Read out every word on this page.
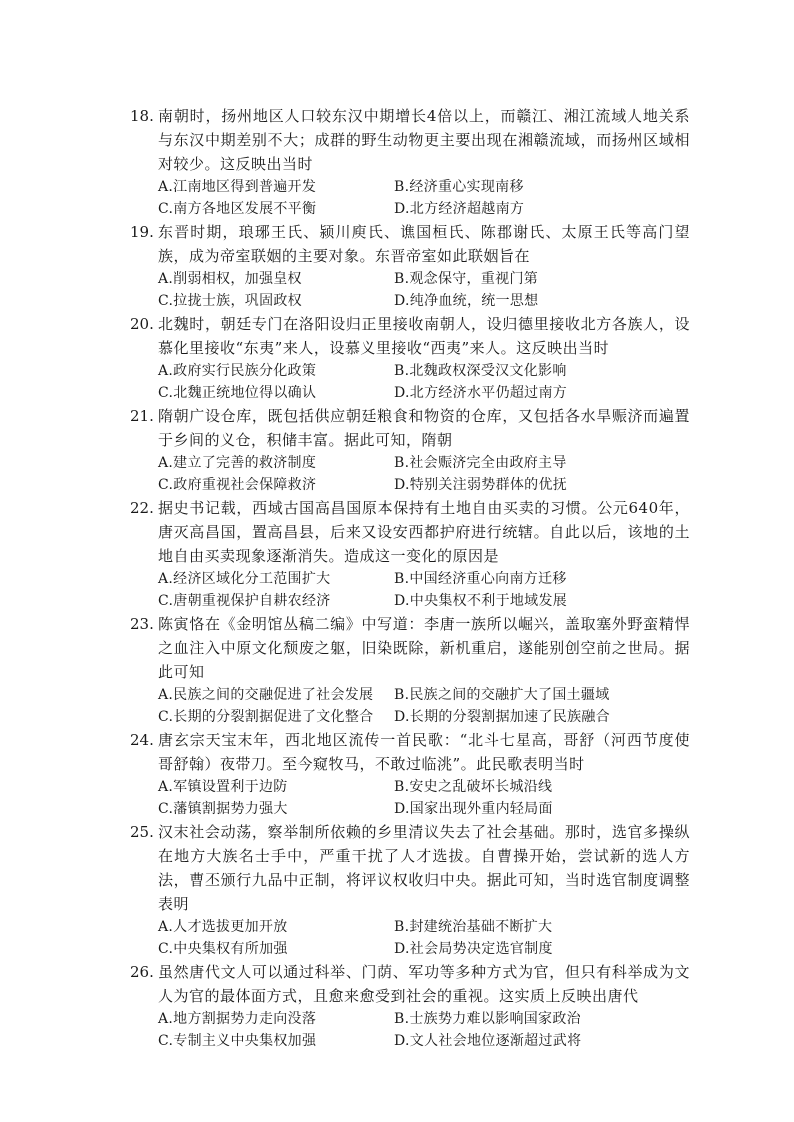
18. 南朝时，扬州地区人口较东汉中期增长4倍以上，而赣江、湘江流域人地关系与东汉中期差别不大；成群的野生动物更主要出现在湘赣流域，而扬州区域相对较少。这反映出当时
A.江南地区得到普遍开发	B.经济重心实现南移
C.南方各地区发展不平衡	D.北方经济超越南方
19. 东晋时期，琅琊王氏、颍川庾氏、谯国桓氏、陈郡谢氏、太原王氏等高门望族，成为帝室联姻的主要对象。东晋帝室如此联姻旨在
A.削弱相权，加强皇权	B.观念保守，重视门第
C.拉拢士族，巩固政权	D.纯净血统，统一思想
20. 北魏时，朝廷专门在洛阳设归正里接收南朝人，设归德里接收北方各族人，设慕化里接收“东夷”来人，设慕义里接收“西夷”来人。这反映出当时
A.政府实行民族分化政策	B.北魏政权深受汉文化影响
C.北魏正统地位得以确认	D.北方经济水平仍超过南方
21. 隋朝广设仓库，既包括供应朝廷粮食和物资的仓库，又包括各水旱赈济而遍置于乡间的义仓，积储丰富。据此可知，隋朝
A.建立了完善的救济制度	B.社会赈济完全由政府主导
C.政府重视社会保障救济	D.特别关注弱势群体的优抚
22. 据史书记载，西域古国高昌国原本保持有土地自由买卖的习惯。公元640年，唐灭高昌国，置高昌县，后来又设安西都护府进行统辖。自此以后，该地的土地自由买卖现象逐渐消失。造成这一变化的原因是
A.经济区域化分工范围扩大	B.中国经济重心向南方迁移
C.唐朝重视保护自耕农经济	D.中央集权不利于地域发展
23. 陈寅恪在《金明馆丛稿二编》中写道：李唐一族所以崛兴，盖取塞外野蛮精悍之血注入中原文化颓废之躯，旧染既除，新机重启，遂能别创空前之世局。据此可知
A.民族之间的交融促进了社会发展	B.民族之间的交融扩大了国土疆域
C.长期的分裂割据促进了文化整合	D.长期的分裂割据加速了民族融合
24. 唐玄宗天宝末年，西北地区流传一首民歌：“北斗七星高，哥舒（河西节度使哥舒翰）夜带刀。至今窥牧马，不敢过临洮”。此民歌表明当时
A.军镇设置利于边防	B.安史之乱破坏长城沿线
C.藩镇割据势力强大	D.国家出现外重内轻局面
25. 汉末社会动荡，察举制所依赖的乡里清议失去了社会基础。那时，选官多操纵在地方大族名士手中，严重干扰了人才选拔。自曹操开始，尝试新的选人方法，曹丕颁行九品中正制，将评议权收归中央。据此可知，当时选官制度调整表明
A.人才选拔更加开放	B.封建统治基础不断扩大
C.中央集权有所加强	D.社会局势决定选官制度
26. 虽然唐代文人可以通过科举、门荫、军功等多种方式为官，但只有科举成为文人为官的最体面方式，且愈来愈受到社会的重视。这实质上反映出唐代
A.地方割据势力走向没落	B.士族势力难以影响国家政治
C.专制主义中央集权加强	D.文人社会地位逐渐超过武将
